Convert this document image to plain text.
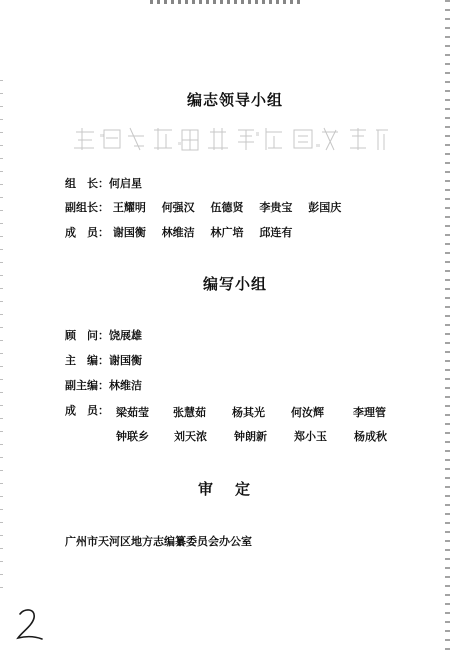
编志领导小组
组　长：何启星
副组长： 王耀明 何强汉 伍德贤 李贵宝 彭国庆
成　员： 谢国衡 林维洁 林广培 邱连有
编写小组
顾　问：饶展雄
主　编：谢国衡
副主编：林维洁
成　员： 梁茹莹 张慧茹 杨其光 何汝辉	李理管
钟联乡 刘天浓 钟朗新 郑小玉 杨成秋
审定
广州市天河区地方志编纂委员会办公室
